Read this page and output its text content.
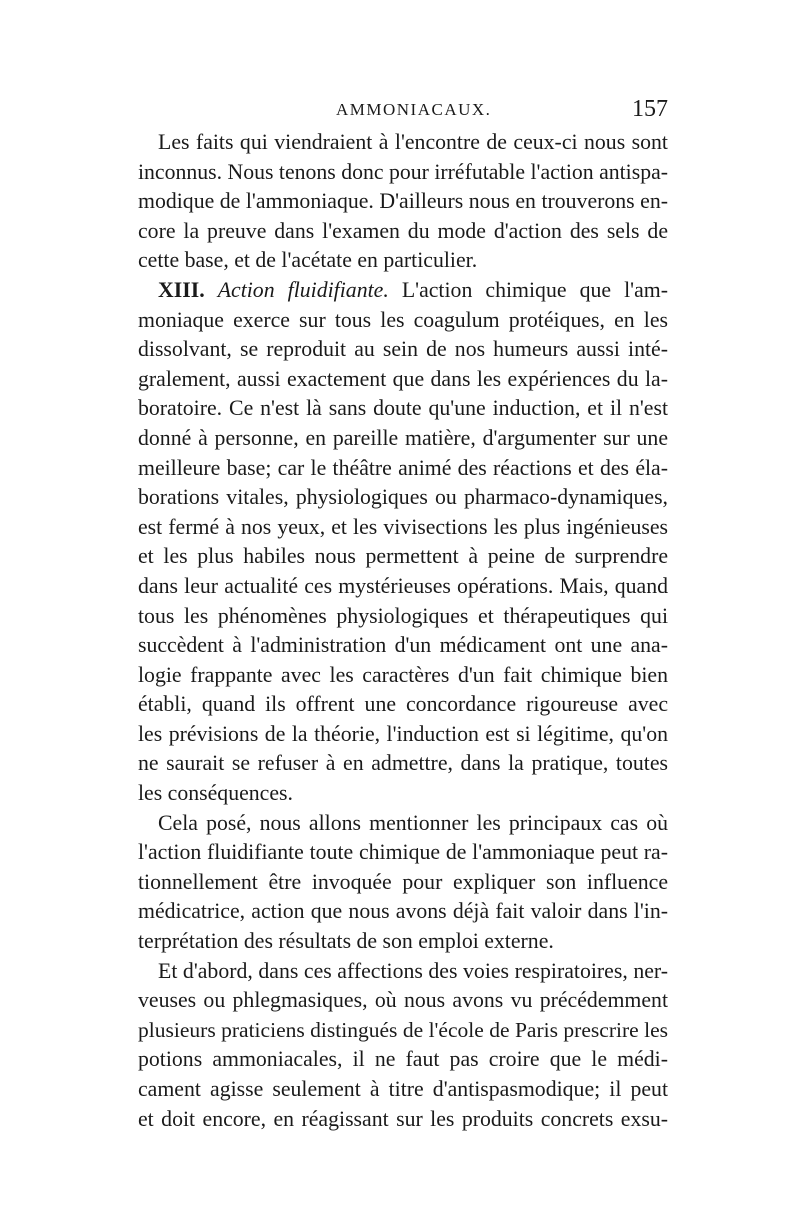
AMMONIACAUX.	157
Les faits qui viendraient à l'encontre de ceux-ci nous sont
inconnus. Nous tenons donc pour irréfutable l'action antispa-
modique de l'ammoniaque. D'ailleurs nous en trouverons en-
core la preuve dans l'examen du mode d'action des sels de
cette base, et de l'acétate en particulier.
XIII. Action fluidifiante. L'action chimique que l'am-
moniaque exerce sur tous les coagulum protéiques, en les
dissolvant, se reproduit au sein de nos humeurs aussi inté-
gralement, aussi exactement que dans les expériences du la-
boratoire. Ce n'est là sans doute qu'une induction, et il n'est
donné à personne, en pareille matière, d'argumenter sur une
meilleure base; car le théâtre animé des réactions et des éla-
borations vitales, physiologiques ou pharmaco-dynamiques,
est fermé à nos yeux, et les vivisections les plus ingénieuses
et les plus habiles nous permettent à peine de surprendre
dans leur actualité ces mystérieuses opérations. Mais, quand
tous les phénomènes physiologiques et thérapeutiques qui
succèdent à l'administration d'un médicament ont une ana-
logie frappante avec les caractères d'un fait chimique bien
établi, quand ils offrent une concordance rigoureuse avec
les prévisions de la théorie, l'induction est si légitime, qu'on
ne saurait se refuser à en admettre, dans la pratique, toutes
les conséquences.
Cela posé, nous allons mentionner les principaux cas où
l'action fluidifiante toute chimique de l'ammoniaque peut ra-
tionnellement être invoquée pour expliquer son influence
médicatrice, action que nous avons déjà fait valoir dans l'in-
terprétation des résultats de son emploi externe.
Et d'abord, dans ces affections des voies respiratoires, ner-
veuses ou phlegmasiques, où nous avons vu précédemment
plusieurs praticiens distingués de l'école de Paris prescrire les
potions ammoniacales, il ne faut pas croire que le médi-
cament agisse seulement à titre d'antispasmodique; il peut
et doit encore, en réagissant sur les produits concrets exsu-
